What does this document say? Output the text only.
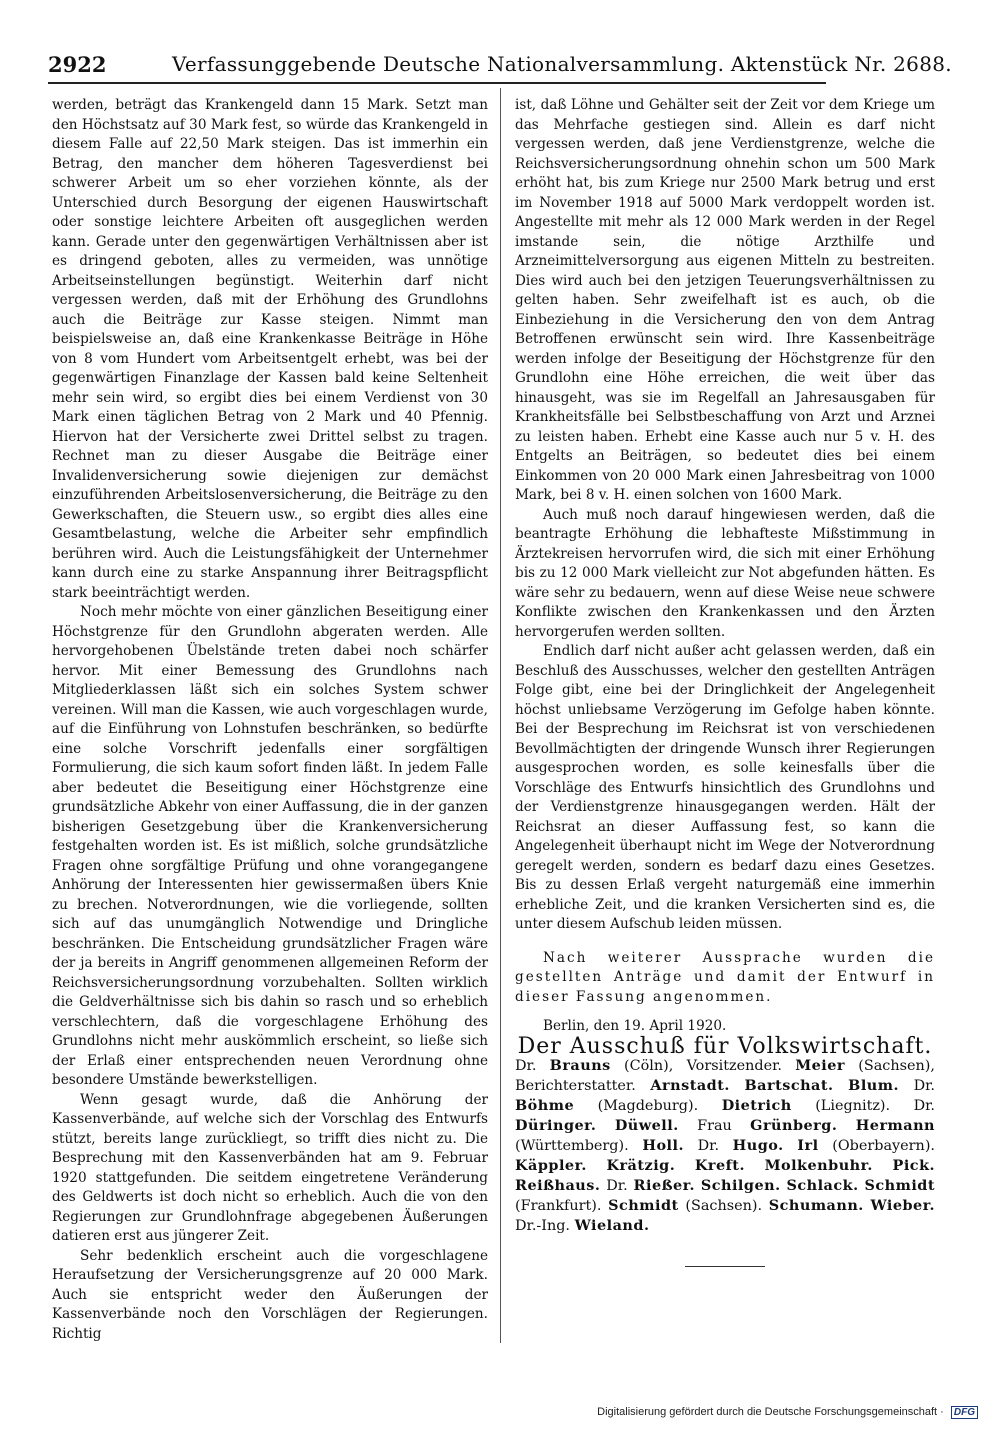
2922	Verfassunggebende Deutsche Nationalversammlung. Aktenstück Nr. 2688.

werden, beträgt das Krankengeld dann 15 Mark. Setzt man den Höchstsatz auf 30 Mark fest, so würde das Krankengeld in diesem Falle auf 22,50 Mark steigen. Das ist immerhin ein Betrag, den mancher dem höheren Tagesverdienst bei schwerer Arbeit um so eher vorziehen könnte, als der Unterschied durch Besorgung der eigenen Hauswirtschaft oder sonstige leichtere Arbeiten oft ausgeglichen werden kann. Gerade unter den gegenwärtigen Verhältnissen aber ist es dringend geboten, alles zu vermeiden, was unnötige Arbeitseinstellungen begünstigt. Weiterhin darf nicht vergessen werden, daß mit der Erhöhung des Grundlohns auch die Beiträge zur Kasse steigen. Nimmt man beispielsweise an, daß eine Krankenkasse Beiträge in Höhe von 8 vom Hundert vom Arbeitsentgelt erhebt, was bei der gegenwärtigen Finanzlage der Kassen bald keine Seltenheit mehr sein wird, so ergibt dies bei einem Verdienst von 30 Mark einen täglichen Betrag von 2 Mark und 40 Pfennig. Hiervon hat der Versicherte zwei Drittel selbst zu tragen. Rechnet man zu dieser Ausgabe die Beiträge einer Invalidenversicherung sowie diejenigen zur demächst einzuführenden Arbeitslosenversicherung, die Beiträge zu den Gewerkschaften, die Steuern usw., so ergibt dies alles eine Gesamtbelastung, welche die Arbeiter sehr empfindlich berühren wird. Auch die Leistungsfähigkeit der Unternehmer kann durch eine zu starke Anspannung ihrer Beitragspflicht stark beeinträchtigt werden.

Noch mehr möchte von einer gänzlichen Beseitigung einer Höchstgrenze für den Grundlohn abgeraten werden. Alle hervorgehobenen Übelstände treten dabei noch schärfer hervor. Mit einer Bemessung des Grundlohns nach Mitgliederklassen läßt sich ein solches System schwer vereinen. Will man die Kassen, wie auch vorgeschlagen wurde, auf die Einführung von Lohnstufen beschränken, so bedürfte eine solche Vorschrift jedenfalls einer sorgfältigen Formulierung, die sich kaum sofort finden läßt. In jedem Falle aber bedeutet die Beseitigung einer Höchstgrenze eine grundsätzliche Abkehr von einer Auffassung, die in der ganzen bisherigen Gesetzgebung über die Krankenversicherung festgehalten worden ist. Es ist mißlich, solche grundsätzliche Fragen ohne sorgfältige Prüfung und ohne vorangegangene Anhörung der Interessenten hier gewissermaßen übers Knie zu brechen. Notverordnungen, wie die vorliegende, sollten sich auf das unumgänglich Notwendige und Dringliche beschränken. Die Entscheidung grundsätzlicher Fragen wäre der ja bereits in Angriff genommenen allgemeinen Reform der Reichsversicherungsordnung vorzubehalten. Sollten wirklich die Geldverhältnisse sich bis dahin so rasch und so erheblich verschlechtern, daß die vorgeschlagene Erhöhung des Grundlohns nicht mehr auskömmlich erscheint, so ließe sich der Erlaß einer entsprechenden neuen Verordnung ohne besondere Umstände bewerkstelligen.

Wenn gesagt wurde, daß die Anhörung der Kassenverbände, auf welche sich der Vorschlag des Entwurfs stützt, bereits lange zurückliegt, so trifft dies nicht zu. Die Besprechung mit den Kassenverbänden hat am 9. Februar 1920 stattgefunden. Die seitdem eingetretene Veränderung des Geldwerts ist doch nicht so erheblich. Auch die von den Regierungen zur Grundlohnfrage abgegebenen Äußerungen datieren erst aus jüngerer Zeit.

Sehr bedenklich erscheint auch die vorgeschlagene Heraufsetzung der Versicherungsgrenze auf 20 000 Mark. Auch sie entspricht weder den Äußerungen der Kassenverbände noch den Vorschlägen der Regierungen. Richtig

ist, daß Löhne und Gehälter seit der Zeit vor dem Kriege um das Mehrfache gestiegen sind. Allein es darf nicht vergessen werden, daß jene Verdienstgrenze, welche die Reichsversicherungsordnung ohnehin schon um 500 Mark erhöht hat, bis zum Kriege nur 2500 Mark betrug und erst im November 1918 auf 5000 Mark verdoppelt worden ist. Angestellte mit mehr als 12 000 Mark werden in der Regel imstande sein, die nötige Arzthilfe und Arzneimittelversorgung aus eigenen Mitteln zu bestreiten. Dies wird auch bei den jetzigen Teuerungsverhältnissen zu gelten haben. Sehr zweifelhaft ist es auch, ob die Einbeziehung in die Versicherung den von dem Antrag Betroffenen erwünscht sein wird. Ihre Kassenbeiträge werden infolge der Beseitigung der Höchstgrenze für den Grundlohn eine Höhe erreichen, die weit über das hinausgeht, was sie im Regelfall an Jahresausgaben für Krankheitsfälle bei Selbstbeschaffung von Arzt und Arznei zu leisten haben. Erhebt eine Kasse auch nur 5 v. H. des Entgelts an Beiträgen, so bedeutet dies bei einem Einkommen von 20 000 Mark einen Jahresbeitrag von 1000 Mark, bei 8 v. H. einen solchen von 1600 Mark.

Auch muß noch darauf hingewiesen werden, daß die beantragte Erhöhung die lebhafteste Mißstimmung in Ärztekreisen hervorrufen wird, die sich mit einer Erhöhung bis zu 12 000 Mark vielleicht zur Not abgefunden hätten. Es wäre sehr zu bedauern, wenn auf diese Weise neue schwere Konflikte zwischen den Krankenkassen und den Ärzten hervorgerufen werden sollten.

Endlich darf nicht außer acht gelassen werden, daß ein Beschluß des Ausschusses, welcher den gestellten Anträgen Folge gibt, eine bei der Dringlichkeit der Angelegenheit höchst unliebsame Verzögerung im Gefolge haben könnte. Bei der Besprechung im Reichsrat ist von verschiedenen Bevollmächtigten der dringende Wunsch ihrer Regierungen ausgesprochen worden, es solle keinesfalls über die Vorschläge des Entwurfs hinsichtlich des Grundlohns und der Verdienstgrenze hinausgegangen werden. Hält der Reichsrat an dieser Auffassung fest, so kann die Angelegenheit überhaupt nicht im Wege der Notverordnung geregelt werden, sondern es bedarf dazu eines Gesetzes. Bis zu dessen Erlaß vergeht naturgemäß eine immerhin erhebliche Zeit, und die kranken Versicherten sind es, die unter diesem Aufschub leiden müssen.

Nach weiterer Aussprache wurden die gestellten Anträge und damit der Entwurf in dieser Fassung angenommen.

Berlin, den 19. April 1920.

Der Ausschuß für Volkswirtschaft.

Dr. Brauns (Cöln), Vorsitzender. Meier (Sachsen), Berichterstatter. Arnstadt. Bartschat. Blum. Dr. Böhme (Magdeburg). Dietrich (Liegnitz). Dr. Düringer. Düwell. Frau Grünberg. Hermann (Württemberg). Holl. Dr. Hugo. Irl (Oberbayern). Käppler. Krätzig. Kreft. Molkenbuhr. Pick. Reißhaus. Dr. Rießer. Schilgen. Schlack. Schmidt (Frankfurt). Schmidt (Sachsen). Schumann. Wieber. Dr.-Ing. Wieland.

Digitalisierung gefördert durch die Deutsche Forschungsgemeinschaft · DFG
